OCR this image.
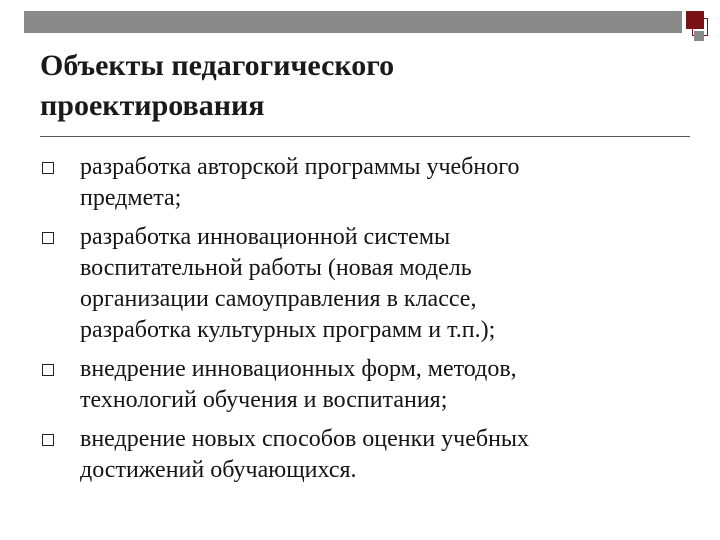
Объекты педагогического
проектирования
разработка авторской программы учебного
предмета;
разработка инновационной системы
воспитательной работы (новая модель
организации самоуправления в классе,
разработка культурных программ и т.п.);
внедрение инновационных форм, методов,
технологий обучения и воспитания;
внедрение новых способов оценки учебных
достижений обучающихся.
